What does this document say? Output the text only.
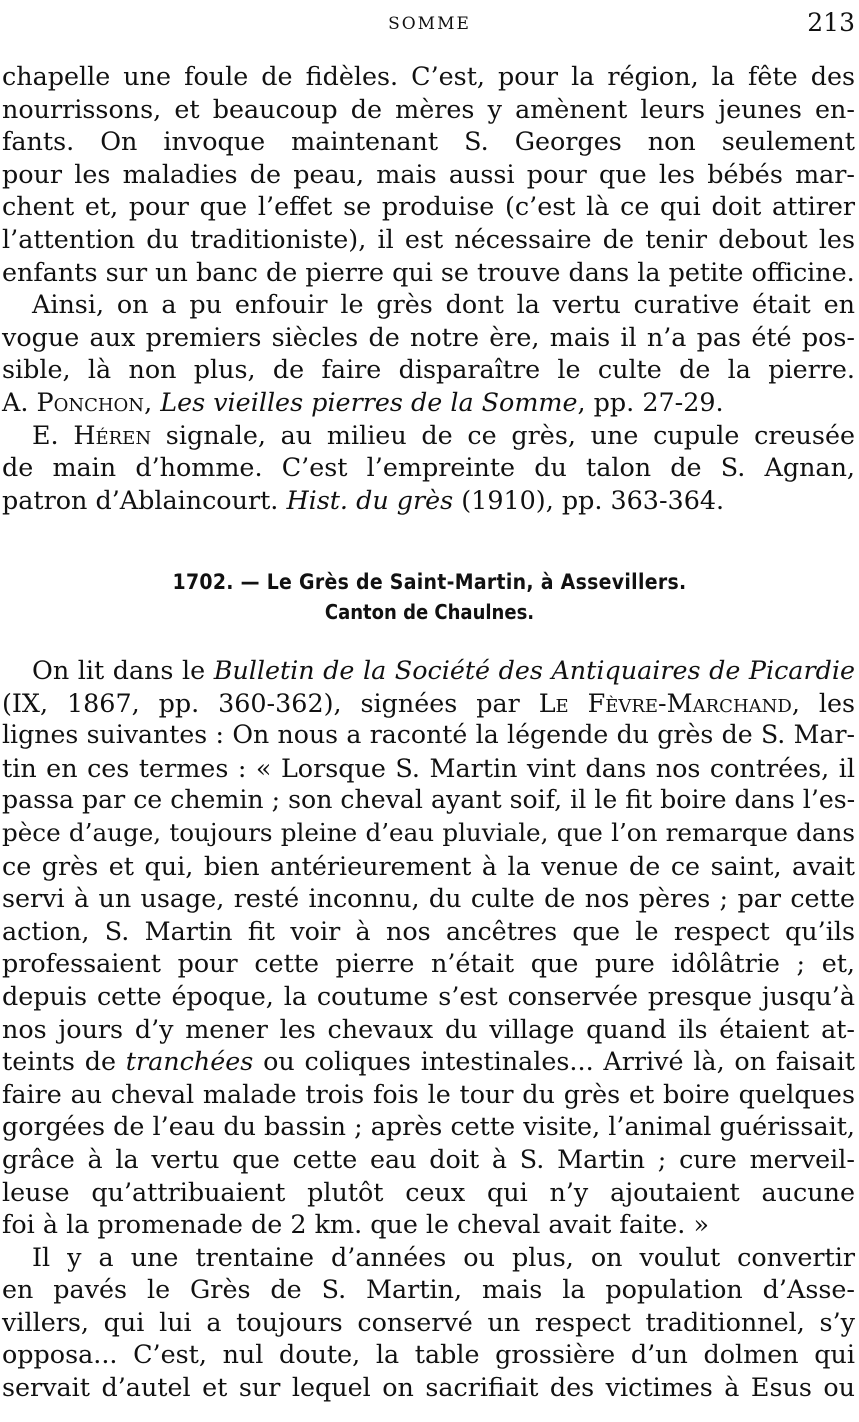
SOMME	213
chapelle une foule de fidèles. C’est, pour la région, la fête des
nourrissons, et beaucoup de mères y amènent leurs jeunes en-
fants. On invoque maintenant S. Georges non seulement
pour les maladies de peau, mais aussi pour que les bébés mar-
chent et, pour que l’effet se produise (c’est là ce qui doit attirer
l’attention du traditioniste), il est nécessaire de tenir debout les
enfants sur un banc de pierre qui se trouve dans la petite officine.
Ainsi, on a pu enfouir le grès dont la vertu curative était en
vogue aux premiers siècles de notre ère, mais il n’a pas été pos-
sible, là non plus, de faire disparaître le culte de la pierre.
A. Ponchon, Les vieilles pierres de la Somme, pp. 27-29.
E. Héren signale, au milieu de ce grès, une cupule creusée
de main d’homme. C’est l’empreinte du talon de S. Agnan,
patron d’Ablaincourt. Hist. du grès (1910), pp. 363-364.
1702. — Le Grès de Saint-Martin, à Assevillers.
Canton de Chaulnes.
On lit dans le Bulletin de la Société des Antiquaires de Picardie
(IX, 1867, pp. 360-362), signées par Le Fèvre-Marchand, les
lignes suivantes : On nous a raconté la légende du grès de S. Mar-
tin en ces termes : « Lorsque S. Martin vint dans nos contrées, il
passa par ce chemin ; son cheval ayant soif, il le fit boire dans l’es-
pèce d’auge, toujours pleine d’eau pluviale, que l’on remarque dans
ce grès et qui, bien antérieurement à la venue de ce saint, avait
servi à un usage, resté inconnu, du culte de nos pères ; par cette
action, S. Martin fit voir à nos ancêtres que le respect qu’ils
professaient pour cette pierre n’était que pure idôlâtrie ; et,
depuis cette époque, la coutume s’est conservée presque jusqu’à
nos jours d’y mener les chevaux du village quand ils étaient at-
teints de tranchées ou coliques intestinales... Arrivé là, on faisait
faire au cheval malade trois fois le tour du grès et boire quelques
gorgées de l’eau du bassin ; après cette visite, l’animal guérissait,
grâce à la vertu que cette eau doit à S. Martin ; cure merveil-
leuse qu’attribuaient plutôt ceux qui n’y ajoutaient aucune
foi à la promenade de 2 km. que le cheval avait faite. »
Il y a une trentaine d’années ou plus, on voulut convertir
en pavés le Grès de S. Martin, mais la population d’Asse-
villers, qui lui a toujours conservé un respect traditionnel, s’y
opposa... C’est, nul doute, la table grossière d’un dolmen qui
servait d’autel et sur lequel on sacrifiait des victimes à Esus ou
